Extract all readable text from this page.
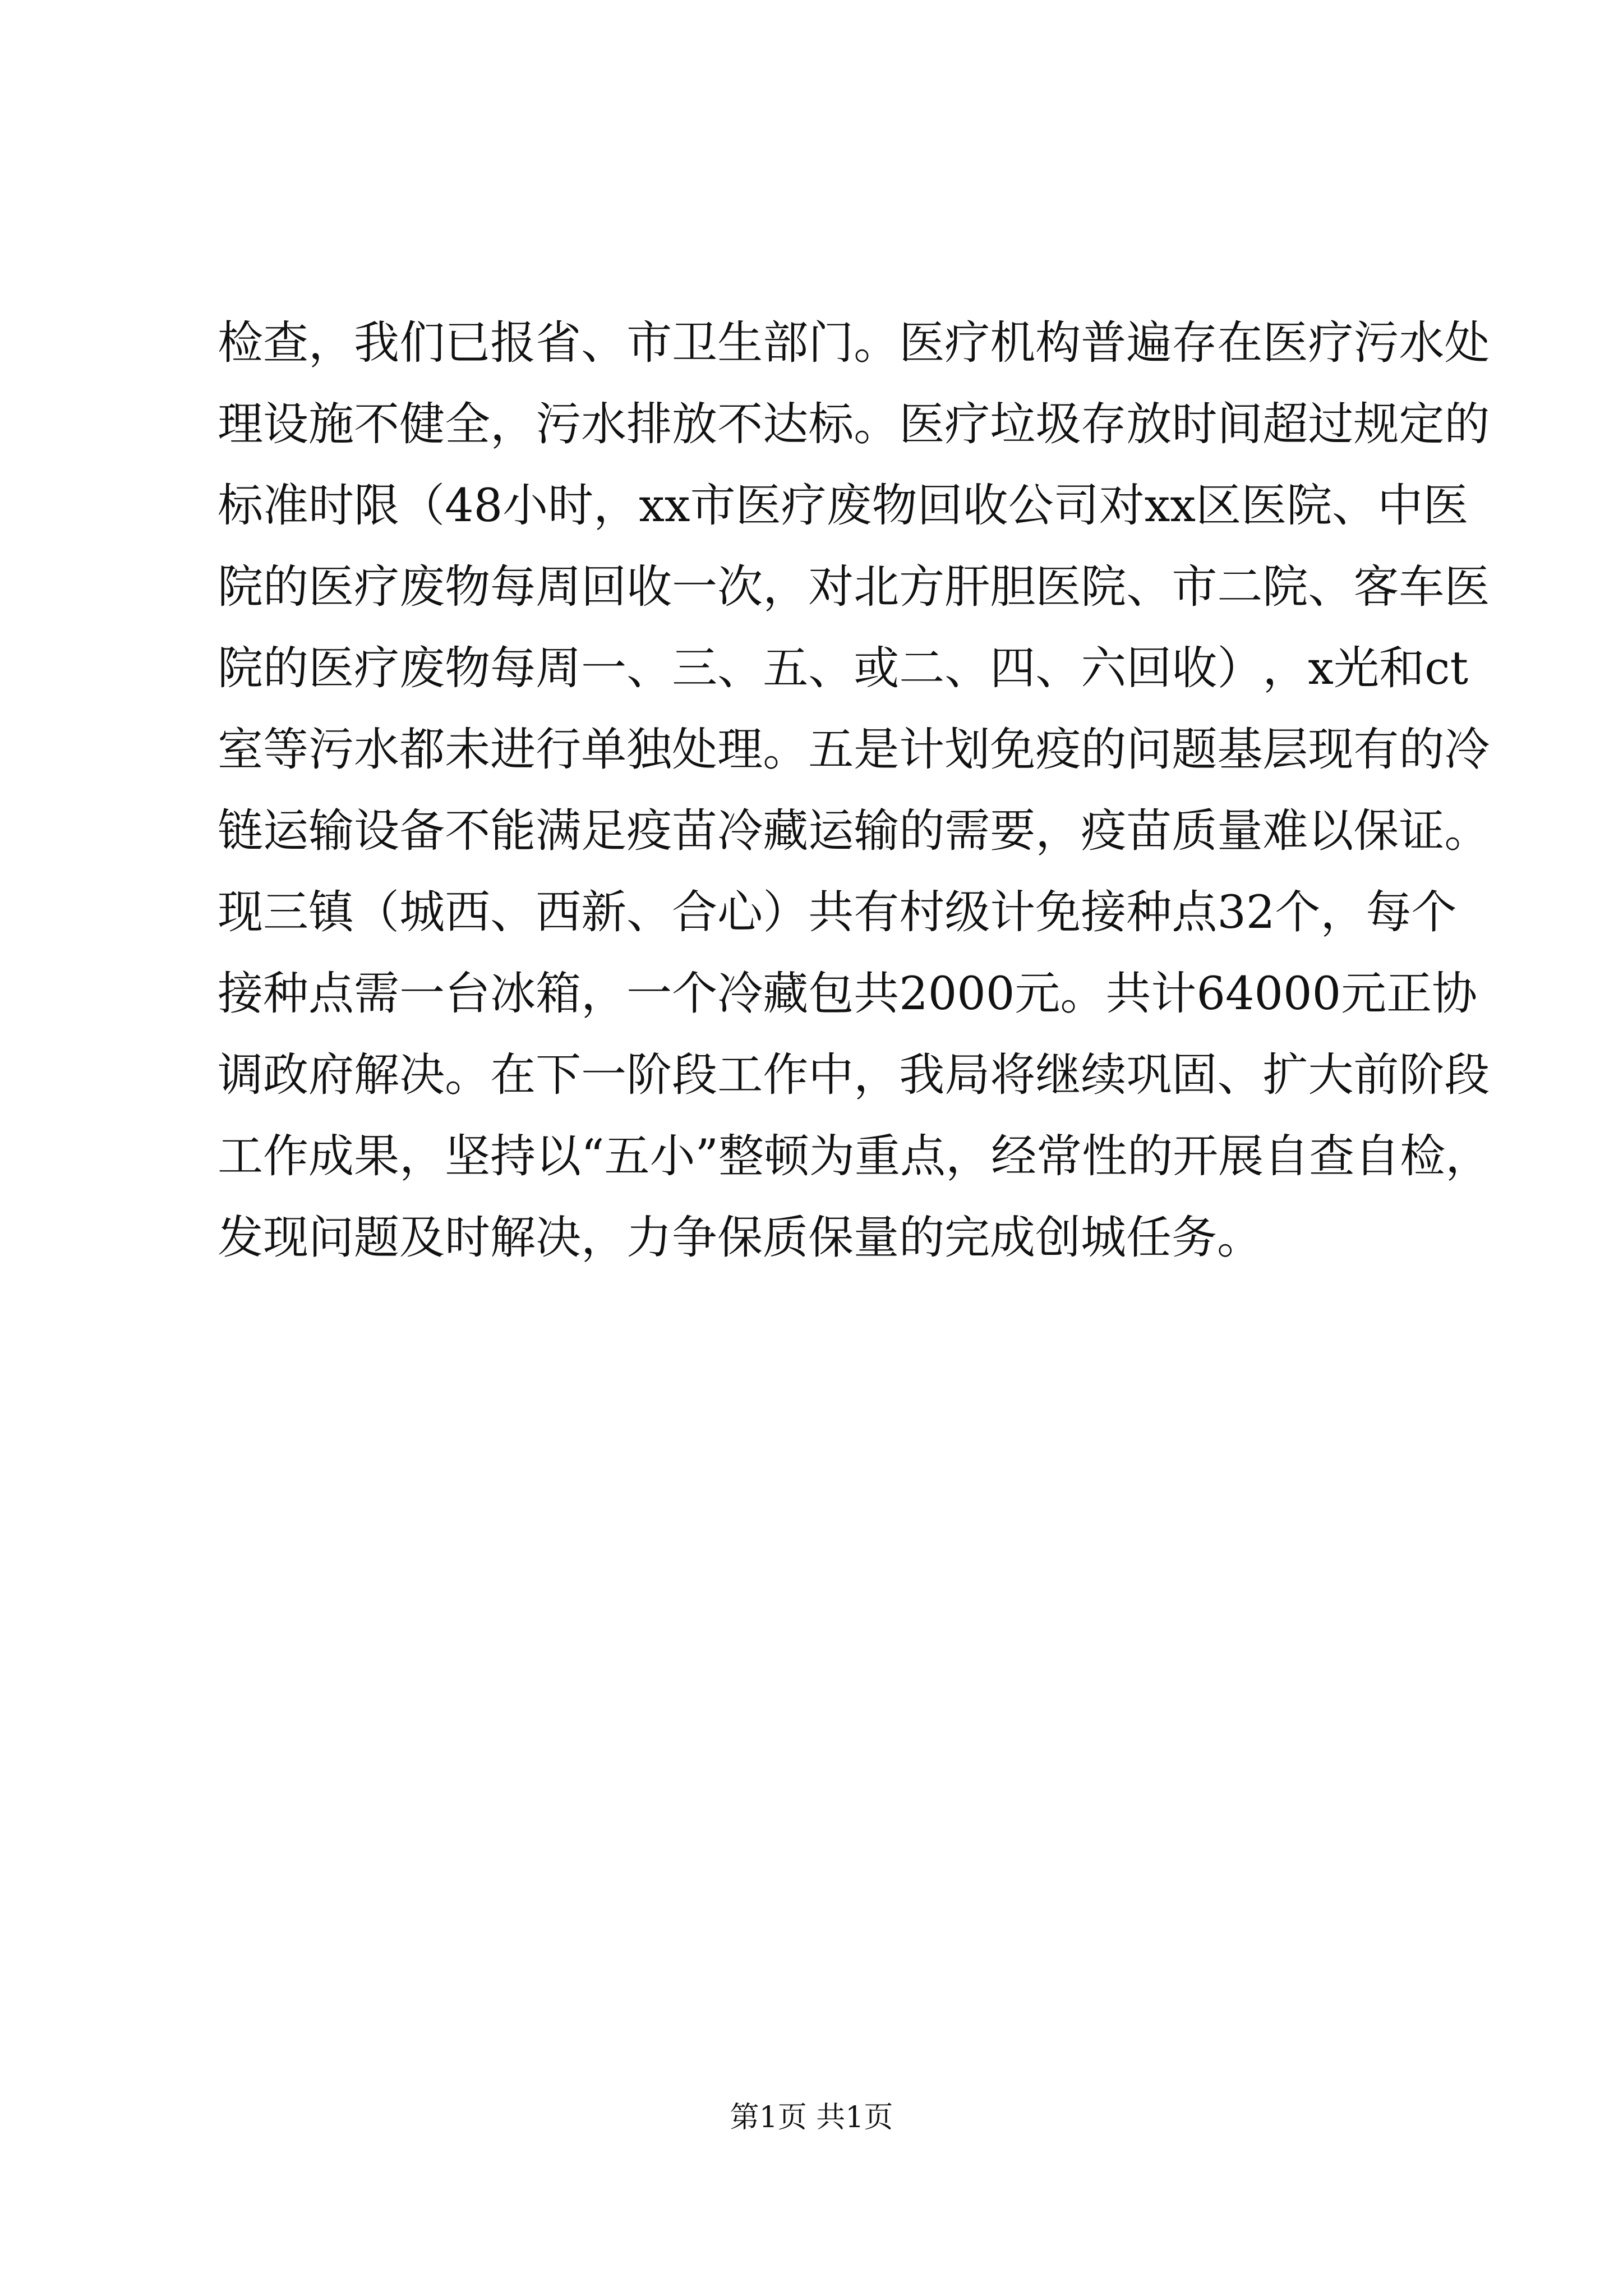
检 查 ， 我 们 已 报 省 、 市 卫 生 部 门 。 医 疗 机 构 普 遍 存 在 医 疗 污 水 处
理 设 施 不 健 全 ， 污 水 排 放 不 达 标 。 医 疗 垃 圾 存 放 时 间 超 过 规 定 的
标 准 时 限 （ 48 小 时 ， xx 市 医 疗 废 物 回 收 公 司 对 xx 区 医 院 、 中 医
院 的 医 疗 废 物 每 周 回 收 一 次 ， 对 北 方 肝 胆 医 院 、 市 二 院 、 客 车 医
院 的 医 疗 废 物 每 周 一 、 三 、 五 、 或 二 、 四 、 六 回 收 ） ， x 光 和 ct
室 等 污 水 都 未 进 行 单 独 处 理 。 五 是 计 划 免 疫 的 问 题 基 层 现 有 的 冷
链 运 输 设 备 不 能 满 足 疫 苗 冷 藏 运 输 的 需 要 ， 疫 苗 质 量 难 以 保 证 。
现 三 镇 （ 城 西 、 西 新 、 合 心 ） 共 有 村 级 计 免 接 种 点 32 个 ， 每 个
接 种 点 需 一 台 冰 箱 ， 一 个 冷 藏 包 共 2000 元 。 共 计 64000 元 正 协
调 政 府 解 决 。 在 下 一 阶 段 工 作 中 ， 我 局 将 继 续 巩 固 、 扩 大 前 阶 段
工 作 成 果 ， 坚 持 以 “ 五 小 ” 整 顿 为 重 点 ， 经 常 性 的 开 展 自 查 自 检 ，
发现问题及时解决，力争保质保量的完成创城任务。
第1页 共1页
